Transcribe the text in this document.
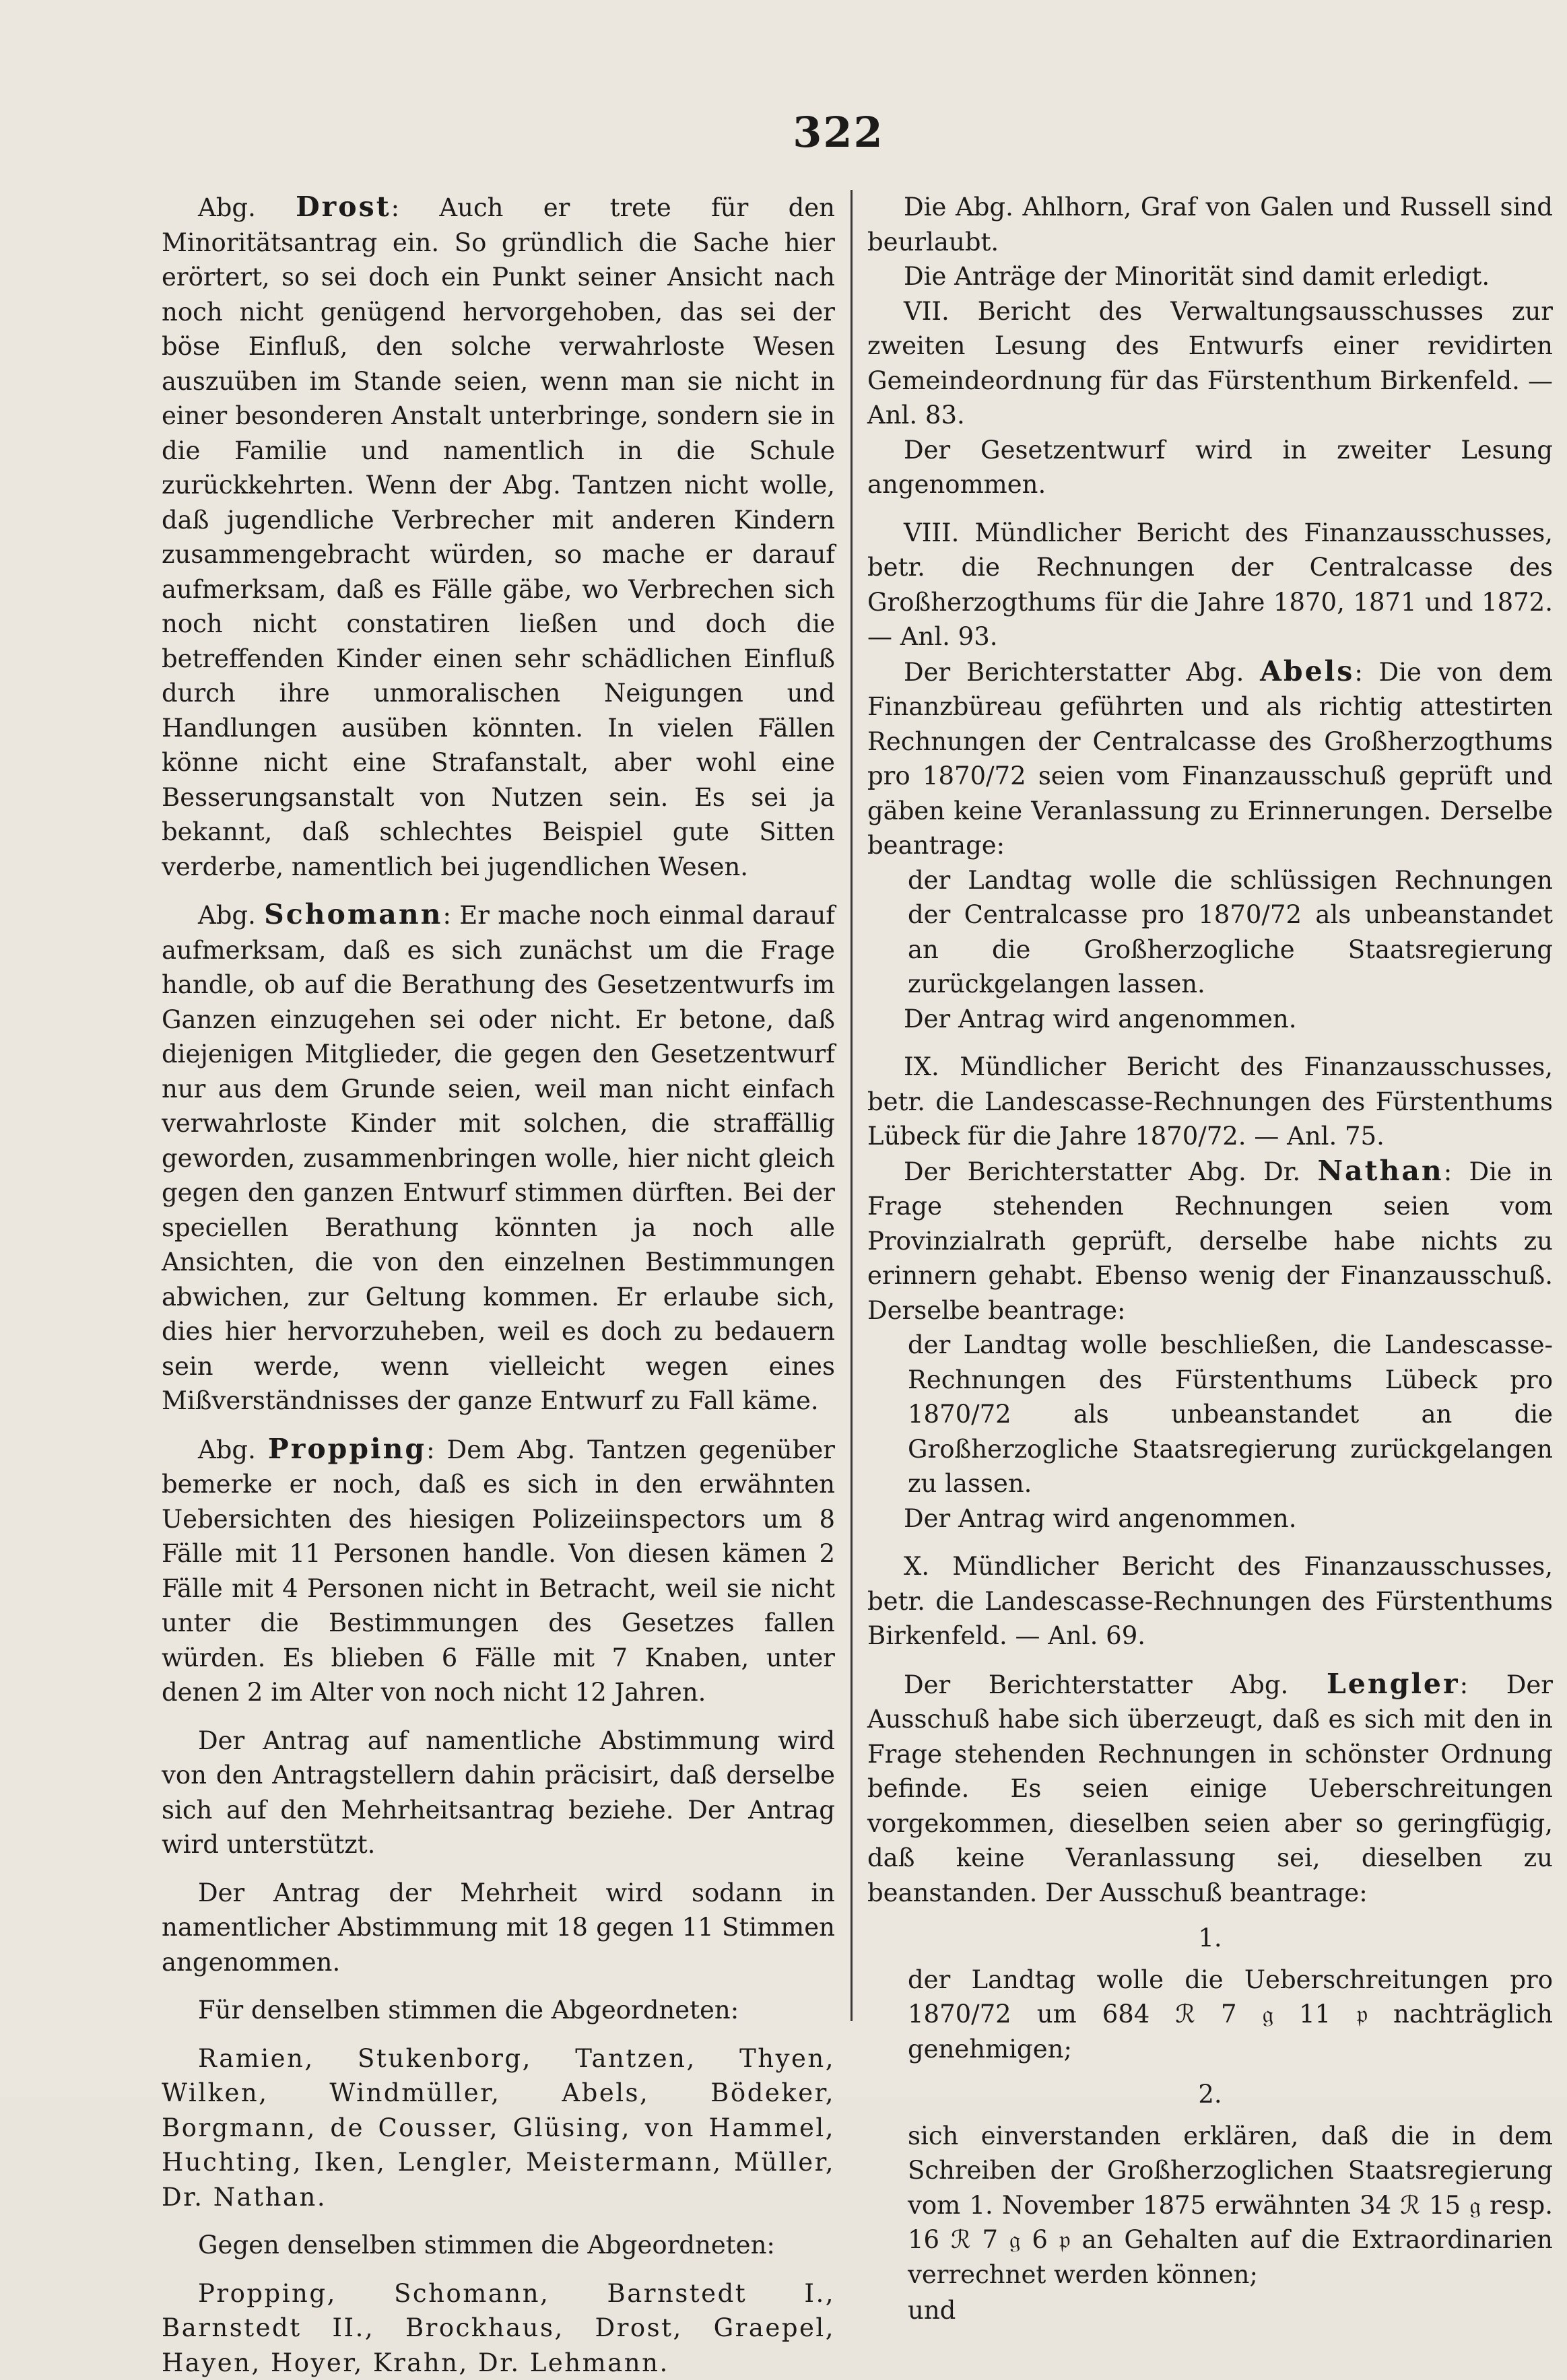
322

Abg. Drost: Auch er trete für den Minoritätsantrag ein. So gründlich die Sache hier erörtert, so sei doch ein Punkt seiner Ansicht nach noch nicht genügend hervorgehoben, das sei der böse Einfluß, den solche verwahrloste Wesen auszuüben im Stande seien, wenn man sie nicht in einer besonderen Anstalt unterbringe, sondern sie in die Familie und namentlich in die Schule zurückkehrten. Wenn der Abg. Tantzen nicht wolle, daß jugendliche Verbrecher mit anderen Kindern zusammengebracht würden, so mache er darauf aufmerksam, daß es Fälle gäbe, wo Verbrechen sich noch nicht constatiren ließen und doch die betreffenden Kinder einen sehr schädlichen Einfluß durch ihre unmoralischen Neigungen und Handlungen ausüben könnten. In vielen Fällen könne nicht eine Strafanstalt, aber wohl eine Besserungsanstalt von Nutzen sein. Es sei ja bekannt, daß schlechtes Beispiel gute Sitten verderbe, namentlich bei jugendlichen Wesen.

Abg. Schomann: Er mache noch einmal darauf aufmerksam, daß es sich zunächst um die Frage handle, ob auf die Berathung des Gesetzentwurfs im Ganzen einzugehen sei oder nicht. Er betone, daß diejenigen Mitglieder, die gegen den Gesetzentwurf nur aus dem Grunde seien, weil man nicht einfach verwahrloste Kinder mit solchen, die straffällig geworden, zusammenbringen wolle, hier nicht gleich gegen den ganzen Entwurf stimmen dürften. Bei der speciellen Berathung könnten ja noch alle Ansichten, die von den einzelnen Bestimmungen abwichen, zur Geltung kommen. Er erlaube sich, dies hier hervorzuheben, weil es doch zu bedauern sein werde, wenn vielleicht wegen eines Mißverständnisses der ganze Entwurf zu Fall käme.

Abg. Propping: Dem Abg. Tantzen gegenüber bemerke er noch, daß es sich in den erwähnten Uebersichten des hiesigen Polizeiinspectors um 8 Fälle mit 11 Personen handle. Von diesen kämen 2 Fälle mit 4 Personen nicht in Betracht, weil sie nicht unter die Bestimmungen des Gesetzes fallen würden. Es blieben 6 Fälle mit 7 Knaben, unter denen 2 im Alter von noch nicht 12 Jahren.

Der Antrag auf namentliche Abstimmung wird von den Antragstellern dahin präcisirt, daß derselbe sich auf den Mehrheitsantrag beziehe. Der Antrag wird unterstützt.

Der Antrag der Mehrheit wird sodann in namentlicher Abstimmung mit 18 gegen 11 Stimmen angenommen.

Für denselben stimmen die Abgeordneten:

Ramien, Stukenborg, Tantzen, Thyen, Wilken, Windmüller, Abels, Bödeker, Borgmann, de Cousser, Glüsing, von Hammel, Huchting, Iken, Lengler, Meistermann, Müller, Dr. Nathan.

Gegen denselben stimmen die Abgeordneten:

Propping, Schomann, Barnstedt I., Barnstedt II., Brockhaus, Drost, Graepel, Hayen, Hoyer, Krahn, Dr. Lehmann.

Die Abg. Ahlhorn, Graf von Galen und Russell sind beurlaubt.

Die Anträge der Minorität sind damit erledigt.

VII. Bericht des Verwaltungsausschusses zur zweiten Lesung des Entwurfs einer revidirten Gemeindeordnung für das Fürstenthum Birkenfeld. — Anl. 83.

Der Gesetzentwurf wird in zweiter Lesung angenommen.

VIII. Mündlicher Bericht des Finanzausschusses, betr. die Rechnungen der Centralcasse des Großherzogthums für die Jahre 1870, 1871 und 1872. — Anl. 93.

Der Berichterstatter Abg. Abels: Die von dem Finanzbüreau geführten und als richtig attestirten Rechnungen der Centralcasse des Großherzogthums pro 1870/72 seien vom Finanzausschuß geprüft und gäben keine Veranlassung zu Erinnerungen. Derselbe beantrage:

der Landtag wolle die schlüssigen Rechnungen der Centralcasse pro 1870/72 als unbeanstandet an die Großherzogliche Staatsregierung zurückgelangen lassen.

Der Antrag wird angenommen.

IX. Mündlicher Bericht des Finanzausschusses, betr. die Landescasse-Rechnungen des Fürstenthums Lübeck für die Jahre 1870/72. — Anl. 75.

Der Berichterstatter Abg. Dr. Nathan: Die in Frage stehenden Rechnungen seien vom Provinzialrath geprüft, derselbe habe nichts zu erinnern gehabt. Ebenso wenig der Finanzausschuß. Derselbe beantrage:

der Landtag wolle beschließen, die Landescasse-Rechnungen des Fürstenthums Lübeck pro 1870/72 als unbeanstandet an die Großherzogliche Staatsregierung zurückgelangen zu lassen.

Der Antrag wird angenommen.

X. Mündlicher Bericht des Finanzausschusses, betr. die Landescasse-Rechnungen des Fürstenthums Birkenfeld. — Anl. 69.

Der Berichterstatter Abg. Lengler: Der Ausschuß habe sich überzeugt, daß es sich mit den in Frage stehenden Rechnungen in schönster Ordnung befinde. Es seien einige Ueberschreitungen vorgekommen, dieselben seien aber so geringfügig, daß keine Veranlassung sei, dieselben zu beanstanden. Der Ausschuß beantrage:

1.

der Landtag wolle die Ueberschreitungen pro 1870/72 um 684 ℛ 7 𝔤 11 𝔭 nachträglich genehmigen;

2.

sich einverstanden erklären, daß die in dem Schreiben der Großherzoglichen Staatsregierung vom 1. November 1875 erwähnten 34 ℛ 15 𝔤 resp. 16 ℛ 7 𝔤 6 𝔭 an Gehalten auf die Extraordinarien verrechnet werden können;

und
